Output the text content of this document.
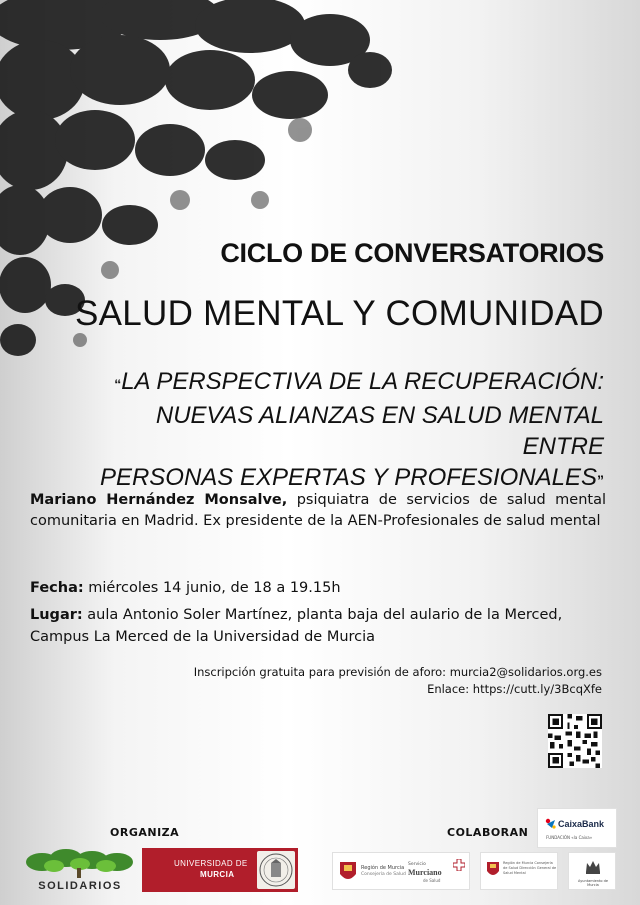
CICLO DE CONVERSATORIOS
SALUD MENTAL Y COMUNIDAD
“LA PERSPECTIVA DE LA RECUPERACIÓN:
NUEVAS ALIANZAS EN SALUD MENTAL ENTRE
PERSONAS EXPERTAS Y PROFESIONALES”
Mariano Hernández Monsalve, psiquiatra de servicios de salud mental comunitaria en Madrid. Ex presidente de la AEN-Profesionales de salud mental
Fecha: miércoles 14 junio, de 18 a 19.15h
Lugar: aula Antonio Soler Martínez, planta baja del aulario de la Merced, Campus La Merced de la Universidad de Murcia
Inscripción gratuita para previsión de aforo: murcia2@solidarios.org.es
Enlace: https://cutt.ly/3BcqXfe
ORGANIZA	COLABORAN
SOLIDARIOS
UNIVERSIDAD DE
MURCIA
CaixaBank
FUNDACIÓN «la Caixa»
Región de Murcia
Consejería de Salud
Servicio
Murciano
de Salud
Región de Murcia Consejería de Salud Dirección General de Salud Mental
Ayuntamiento de Murcia
